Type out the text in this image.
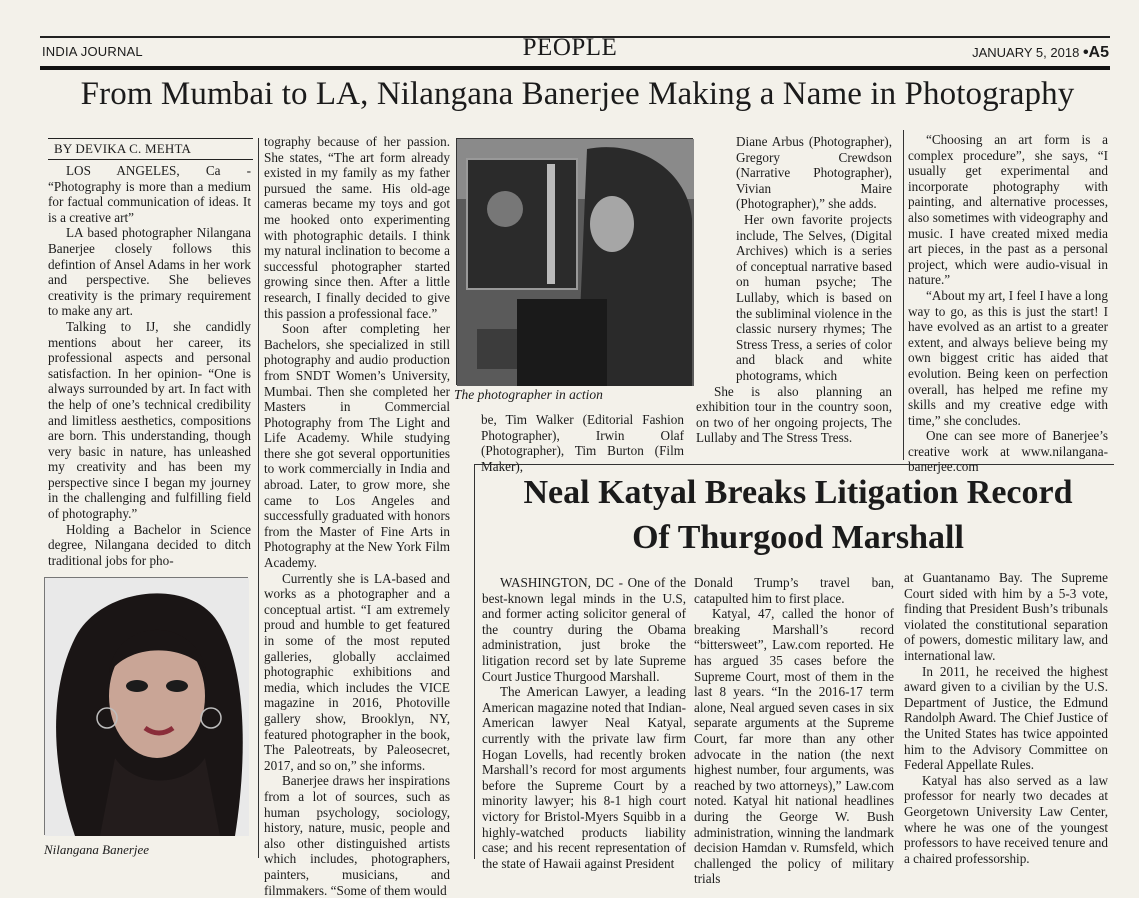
INDIA JOURNAL	PEOPLE	JANUARY 5, 2018 •A5
From Mumbai to LA, Nilangana Banerjee Making a Name in Photography
BY DEVIKA C. MEHTA

LOS ANGELES, Ca - “Photography is more than a medium for factual communication of ideas. It is a creative art”

LA based photographer Nilangana Banerjee closely follows this defintion of Ansel Adams in her work and perspective. She believes creativity is the primary requirement to make any art.

Talking to IJ, she candidly mentions about her career, its professional aspects and personal satisfaction. In her opinion- “One is always surrounded by art. In fact with the help of one’s technical credibility and limitless aesthetics, compositions are born. This understanding, though very basic in nature, has unleashed my creativity and has been my perspective since I began my journey in the challenging and fulfilling field of photography.”

Holding a Bachelor in Science degree, Nilangana decided to ditch traditional jobs for pho-

Nilangana Banerjee

tography because of her passion. She states, “The art form already existed in my family as my father pursued the same. His old-age cameras became my toys and got me hooked onto experimenting with photographic details. I think my natural inclination to become a successful photographer started growing since then. After a little research, I finally decided to give this passion a professional face.”

Soon after completing her Bachelors, she specialized in still photography and audio production from SNDT Women’s University, Mumbai. Then she completed her Masters in Commercial Photography from The Light and Life Academy. While studying there she got several opportunities to work commercially in India and abroad. Later, to grow more, she came to Los Angeles and successfully graduated with honors from the Master of Fine Arts in Photography at the New York Film Academy.

Currently she is LA-based and works as a photographer and a conceptual artist. “I am extremely proud and humble to get featured in some of the most reputed galleries, globally acclaimed photographic exhibitions and media, which includes the VICE magazine in 2016, Photoville gallery show, Brooklyn, NY, featured photographer in the book, The Paleotreats, by Paleosecret, 2017, and so on,” she informs.

Banerjee draws her inspirations from a lot of sources, such as human psychology, sociology, history, nature, music, people and also other distinguished artists which includes, photographers, painters, musicians, and filmmakers. “Some of them would

The photographer in action

be, Tim Walker (Editorial Fashion Photographer), Irwin Olaf (Photographer), Tim Burton (Film Maker),

Diane Arbus (Photographer), Gregory Crewdson (Narrative Photographer), Vivian Maire (Photographer),” she adds.

Her own favorite projects include, The Selves, (Digital Archives) which is a series of conceptual narrative based on human psyche; The Lullaby, which is based on the subliminal violence in the classic nursery rhymes; The Stress Tress, a series of color and black and white photograms, which

She is also planning an exhibition tour in the country soon, on two of her ongoing projects, The Lullaby and The Stress Tress.

“Choosing an art form is a complex procedure”, she says, “I usually get experimental and incorporate photography with painting, and alternative processes, also sometimes with videography and music. I have created mixed media art pieces, in the past as a personal project, which were audio-visual in nature.”

“About my art, I feel I have a long way to go, as this is just the start! I have evolved as an artist to a greater extent, and always believe being my own biggest critic has aided that evolution. Being keen on perfection overall, has helped me refine my skills and my creative edge with time,” she concludes.

One can see more of Banerjee’s creative work at www.nilangana-banerjee.com

Neal Katyal Breaks Litigation Record
Of Thurgood Marshall

WASHINGTON, DC - One of the best-known legal minds in the U.S, and former acting solicitor general of the country during the Obama administration, just broke the litigation record set by late Supreme Court Justice Thurgood Marshall.

The American Lawyer, a leading American magazine noted that Indian-American lawyer Neal Katyal, currently with the private law firm Hogan Lovells, had recently broken Marshall’s record for most arguments before the Supreme Court by a minority lawyer; his 8-1 high court victory for Bristol-Myers Squibb in a highly-watched products liability case; and his recent representation of the state of Hawaii against President

Donald Trump’s travel ban, catapulted him to first place.

Katyal, 47, called the honor of breaking Marshall’s record “bittersweet”, Law.com reported. He has argued 35 cases before the Supreme Court, most of them in the last 8 years. “In the 2016-17 term alone, Neal argued seven cases in six separate arguments at the Supreme Court, far more than any other advocate in the nation (the next highest number, four arguments, was reached by two attorneys),” Law.com noted. Katyal hit national headlines during the George W. Bush administration, winning the landmark decision Hamdan v. Rumsfeld, which challenged the policy of military trials

at Guantanamo Bay. The Supreme Court sided with him by a 5-3 vote, finding that President Bush’s tribunals violated the constitutional separation of powers, domestic military law, and international law.

In 2011, he received the highest award given to a civilian by the U.S. Department of Justice, the Edmund Randolph Award. The Chief Justice of the United States has twice appointed him to the Advisory Committee on Federal Appellate Rules.

Katyal has also served as a law professor for nearly two decades at Georgetown University Law Center, where he was one of the youngest professors to have received tenure and a chaired professorship.
